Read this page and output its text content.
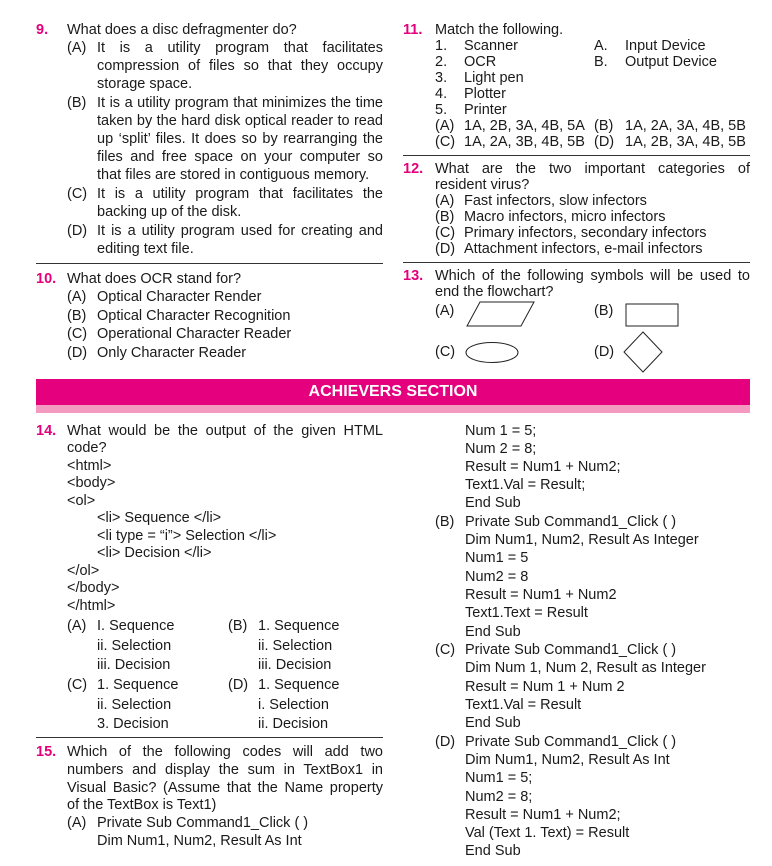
9. What does a disc defragmenter do?
(A) It is a utility program that facilitates
compression of files so that they occupy
storage space.
(B) It is a utility program that minimizes the time
taken by the hard disk optical reader to read
up ‘split’ files. It does so by rearranging the
files and free space on your computer so
that files are stored in contiguous memory.
(C) It is a utility program that facilitates the
backing up of the disk.
(D) It is a utility program used for creating and
editing text file.
10. What does OCR stand for?
(A) Optical Character Render
(B) Optical Character Recognition
(C) Operational Character Reader
(D) Only Character Reader
11. Match the following.
1. Scanner
2. OCR
3. Light pen
4. Plotter
5. Printer
A. Input Device
B. Output Device
(A) 1A, 2B, 3A, 4B, 5A (B) 1A, 2A, 3A, 4B, 5B
(C) 1A, 2A, 3B, 4B, 5B (D) 1A, 2B, 3A, 4B, 5B
12. What are the two important categories of
resident virus?
(A) Fast infectors, slow infectors
(B) Macro infectors, micro infectors
(C) Primary infectors, secondary infectors
(D) Attachment infectors, e-mail infectors
13. Which of the following symbols will be used to
end the flowchart?
(A)	(B)
(C)	(D)
ACHIEVERS SECTION
14. What would be the output of the given HTML
code?
<html>
<body>
<ol>
<li> Sequence </li>
<li type = “i”> Selection </li>
<li> Decision </li>
</ol>
</body>
</html>
(A) I. Sequence
ii. Selection
iii. Decision
(B) 1. Sequence
ii. Selection
iii. Decision
(C) 1. Sequence
ii. Selection
3. Decision
(D) 1. Sequence
i. Selection
ii. Decision
15. Which of the following codes will add two
numbers and display the sum in TextBox1 in
Visual Basic? (Assume that the Name property
of the TextBox is Text1)
(A) Private Sub Command1_Click ( )
Dim Num1, Num2, Result As Int
Num 1 = 5;
Num 2 = 8;
Result = Num1 + Num2;
Text1.Val = Result;
End Sub
(B) Private Sub Command1_Click ( )
Dim Num1, Num2, Result As Integer
Num1 = 5
Num2 = 8
Result = Num1 + Num2
Text1.Text = Result
End Sub
(C) Private Sub Command1_Click ( )
Dim Num 1, Num 2, Result as Integer
Result = Num 1 + Num 2
Text1.Val = Result
End Sub
(D) Private Sub Command1_Click ( )
Dim Num1, Num2, Result As Int
Num1 = 5;
Num2 = 8;
Result = Num1 + Num2;
Val (Text 1. Text) = Result
End Sub
